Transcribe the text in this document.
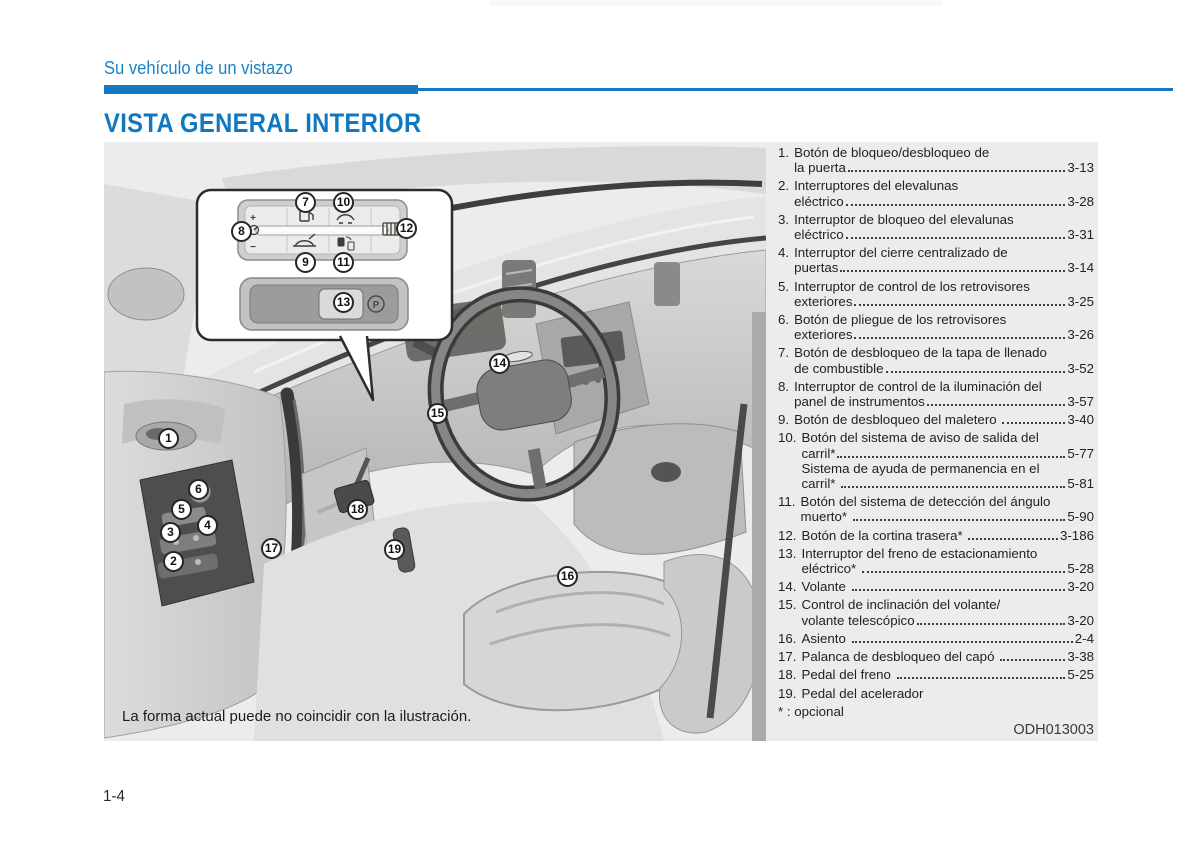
Su vehículo de un vistazo
VISTA GENERAL INTERIOR
+
−
P
1
2
3	4
5
6
7
8
9
10
11
12
13
14
15
16
17
18
19
1. Botón de bloqueo/desbloqueo de
la puerta	3-13
2. Interruptores del elevalunas
eléctrico	3-28
3. Interruptor de bloqueo del elevalunas
eléctrico	3-31
4. Interruptor del cierre centralizado de
puertas	3-14
5. Interruptor de control de los retrovisores
exteriores	3-25
6. Botón de pliegue de los retrovisores
exteriores	3-26
7. Botón de desbloqueo de la tapa de llenado
de combustible	3-52
8. Interruptor de control de la iluminación del
panel de instrumentos	3-57
9. Botón de desbloqueo del maletero	3-40
10. Botón del sistema de aviso de salida del
carril*	5-77
Sistema de ayuda de permanencia en el
carril*	5-81
11. Botón del sistema de detección del ángulo
muerto*	5-90
12. Botón de la cortina trasera*	3-186
13. Interruptor del freno de estacionamiento
eléctrico*	5-28
14. Volante	3-20
15. Control de inclinación del volante/
volante telescópico	3-20
16. Asiento	2-4
17. Palanca de desbloqueo del capó	3-38
18. Pedal del freno	5-25
19. Pedal del acelerador
* : opcional
La forma actual puede no coincidir con la ilustración.
ODH013003
1-4
